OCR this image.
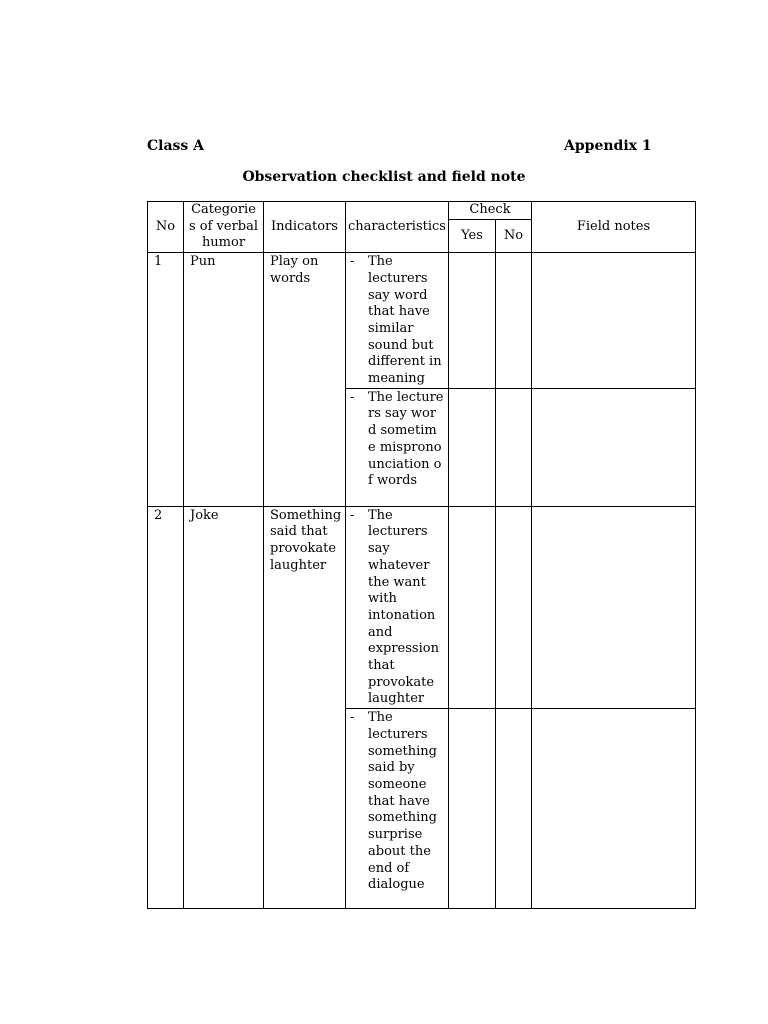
Class A	Appendix 1
Observation checklist and field note
No	Categorie s of verbal humor	Indicators	characteristics	Check		Field notes
				Yes	No	
1	Pun	Play on words	- The lecturers say word that have similar sound but different in meaning			

			- The lecturers say word sometime mispronounciation of words			

2	Joke	Something said that provokate laughter	- The lecturers say whatever the want with intonation and expression that provokate laughter			

			- The lecturers something said by someone that have something surprise about the end of dialogue			
